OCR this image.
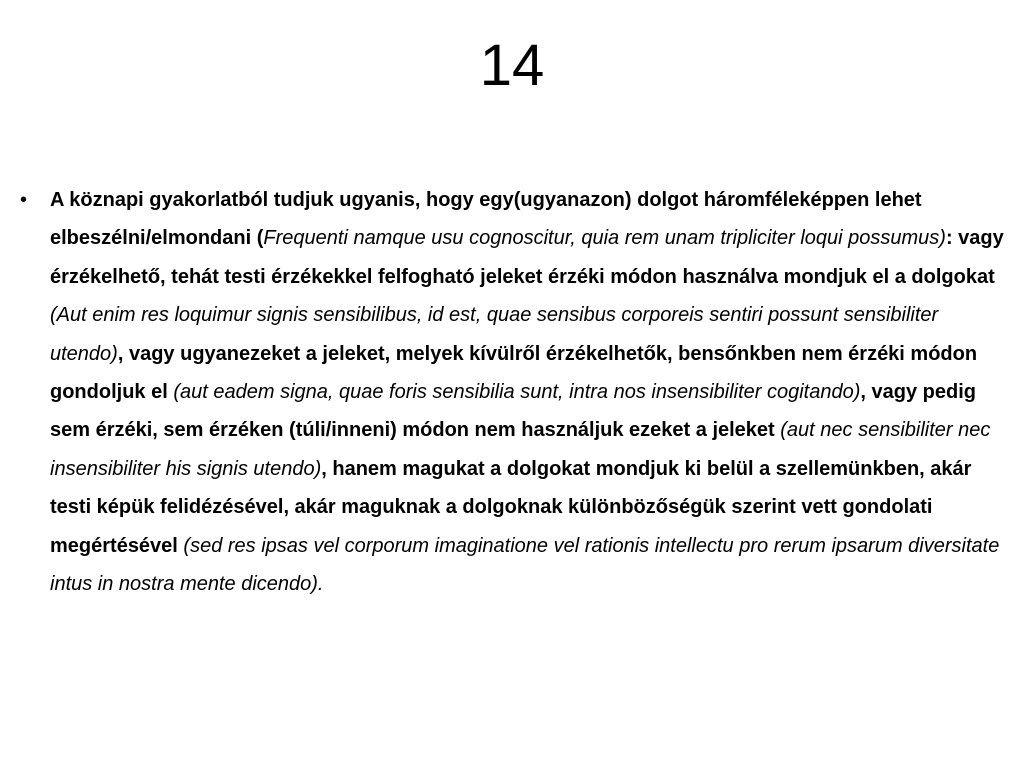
14
• A köznapi gyakorlatból tudjuk ugyanis, hogy egy(ugyanazon) dolgot háromféleképpen lehet elbeszélni/elmondani (Frequenti namque usu cognoscitur, quia rem unam tripliciter loqui possumus): vagy érzékelhető, tehát testi érzékekkel felfogható jeleket érzéki módon használva mondjuk el a dolgokat (Aut enim res loquimur signis sensibilibus, id est, quae sensibus corporeis sentiri possunt sensibiliter utendo), vagy ugyanezeket a jeleket, melyek kívülről érzékelhetők, bensőnkben nem érzéki módon gondoljuk el (aut eadem signa, quae foris sensibilia sunt, intra nos insensibiliter cogitando), vagy pedig sem érzéki, sem érzéken (túli/inneni) módon nem használjuk ezeket a jeleket (aut nec sensibiliter nec insensibiliter his signis utendo), hanem magukat a dolgokat mondjuk ki belül a szellemünkben, akár testi képük felidézésével, akár maguknak a dolgoknak különbözőségük szerint vett gondolati megértésével (sed res ipsas vel corporum imaginatione vel rationis intellectu pro rerum ipsarum diversitate intus in nostra mente dicendo).
